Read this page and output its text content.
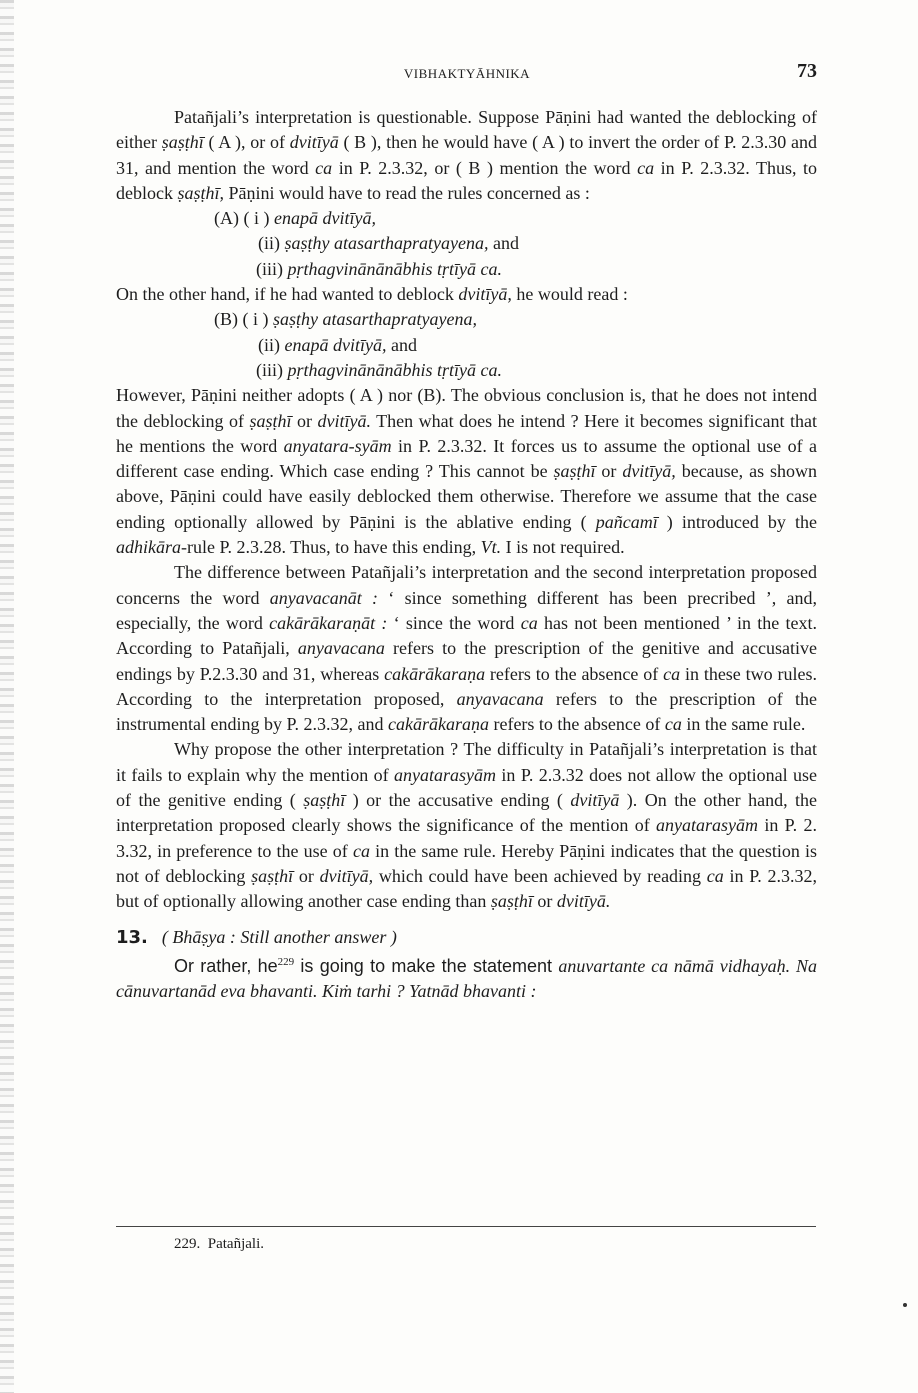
VIBHAKTYĀHNIKA	73

Patañjali’s interpretation is questionable. Suppose Pāṇini had wanted the deblocking of either ṣaṣṭhī ( A ), or of dvitīyā ( B ), then he would have ( A ) to invert the order of P. 2.3.30 and 31, and mention the word ca in P. 2.3.32, or ( B ) mention the word ca in P. 2.3.32. Thus, to deblock ṣaṣṭhī, Pāṇini would have to read the rules concerned as :

(A) ( i ) enapā dvitīyā,
(ii) ṣaṣṭhy atasarthapratyayena, and
(iii) pṛthagvinānānābhis tṛtīyā ca.

On the other hand, if he had wanted to deblock dvitīyā, he would read :

(B) ( i ) ṣaṣṭhy atasarthapratyayena,
(ii) enapā dvitīyā, and
(iii) pṛthagvinānānābhis tṛtīyā ca.

However, Pāṇini neither adopts ( A ) nor (B). The obvious conclusion is, that he does not intend the deblocking of ṣaṣṭhī or dvitīyā. Then what does he intend ? Here it becomes significant that he mentions the word anyatara-syām in P. 2.3.32. It forces us to assume the optional use of a different case ending. Which case ending ? This cannot be ṣaṣṭhī or dvitīyā, because, as shown above, Pāṇini could have easily deblocked them otherwise. Therefore we assume that the case ending optionally allowed by Pāṇini is the ablative ending ( pañcamī ) introduced by the adhikāra-rule P. 2.3.28. Thus, to have this ending, Vt. I is not required.

The difference between Patañjali’s interpretation and the second interpretation proposed concerns the word anyavacanāt : ‘ since something different has been precribed ’, and, especially, the word cakārākaraṇāt : ‘ since the word ca has not been mentioned ’ in the text. According to Patañjali, anyavacana refers to the prescription of the genitive and accusative endings by P.2.3.30 and 31, whereas cakārākaraṇa refers to the absence of ca in these two rules. According to the interpretation proposed, anyavacana refers to the prescription of the instrumental ending by P. 2.3.32, and cakārākaraṇa refers to the absence of ca in the same rule.

Why propose the other interpretation ? The difficulty in Patañjali’s interpretation is that it fails to explain why the mention of anyatarasyām in P. 2.3.32 does not allow the optional use of the genitive ending ( ṣaṣṭhī ) or the accusative ending ( dvitīyā ). On the other hand, the interpretation proposed clearly shows the significance of the mention of anyatarasyām in P. 2. 3.32, in preference to the use of ca in the same rule. Hereby Pāṇini indicates that the question is not of deblocking ṣaṣṭhī or dvitīyā, which could have been achieved by reading ca in P. 2.3.32, but of optionally allowing another case ending than ṣaṣṭhī or dvitīyā.

13. ( Bhāṣya : Still another answer )

Or rather, $he^{229}$ is going to make the statement anuvartante ca nāmā vidhayaḥ. Na cānuvartanād eva bhavanti. Kiṁ tarhi ? Yatnād bhavanti :

229. Patañjali.
